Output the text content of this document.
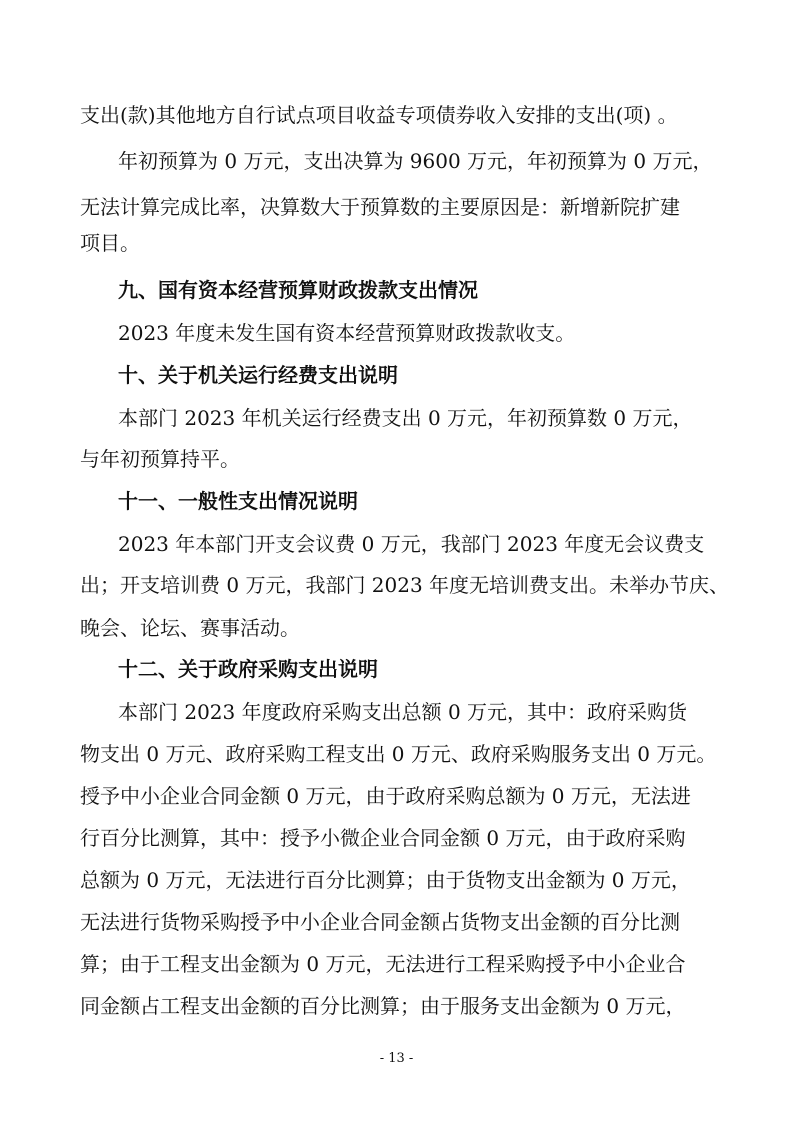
支出(款)其他地方自行试点项目收益专项债券收入安排的支出(项) 。
年初预算为 0 万元，支出决算为 9600 万元，年初预算为 0 万元，
无法计算完成比率，决算数大于预算数的主要原因是：新增新院扩建
项目。
九、国有资本经营预算财政拨款支出情况
2023 年度未发生国有资本经营预算财政拨款收支。
十、关于机关运行经费支出说明
本部门 2023 年机关运行经费支出 0 万元，年初预算数 0 万元，
与年初预算持平。
十一、一般性支出情况说明
2023 年本部门开支会议费 0 万元，我部门 2023 年度无会议费支
出；开支培训费 0 万元，我部门 2023 年度无培训费支出。未举办节庆、
晚会、论坛、赛事活动。
十二、关于政府采购支出说明
本部门 2023 年度政府采购支出总额 0 万元，其中：政府采购货
物支出 0 万元、政府采购工程支出 0 万元、政府采购服务支出 0 万元。
授予中小企业合同金额 0 万元，由于政府采购总额为 0 万元，无法进
行百分比测算，其中：授予小微企业合同金额 0 万元，由于政府采购
总额为 0 万元，无法进行百分比测算；由于货物支出金额为 0 万元，
无法进行货物采购授予中小企业合同金额占货物支出金额的百分比测
算；由于工程支出金额为 0 万元，无法进行工程采购授予中小企业合
同金额占工程支出金额的百分比测算；由于服务支出金额为 0 万元，
- 13 -
